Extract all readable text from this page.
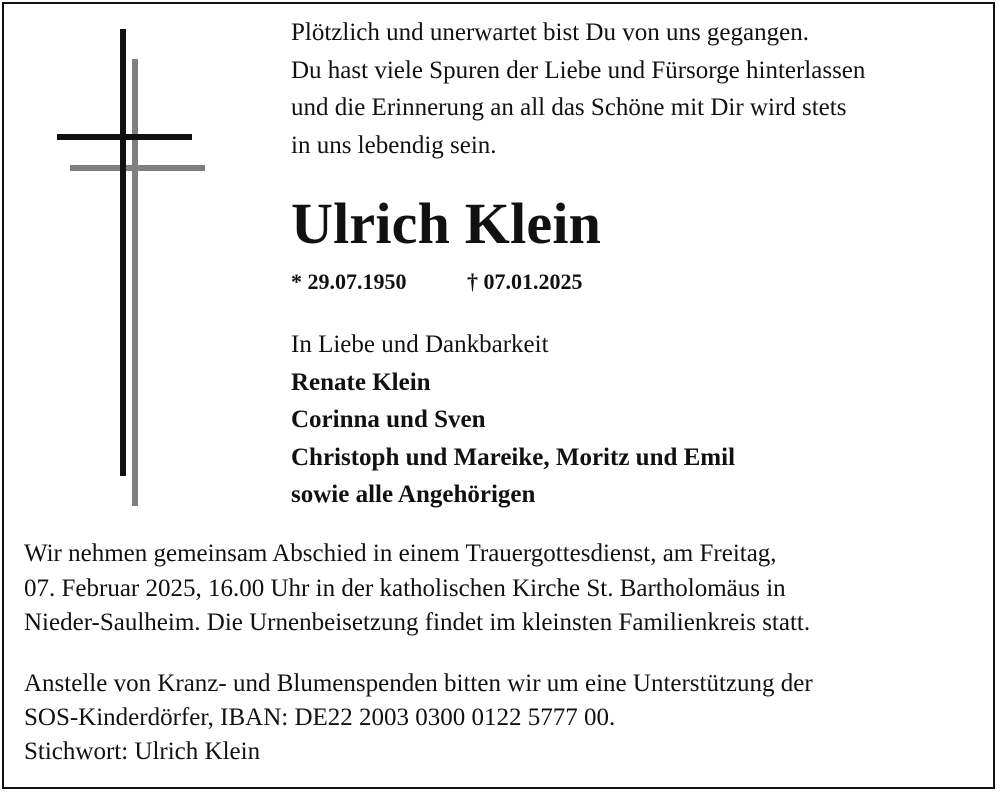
Plötzlich und unerwartet bist Du von uns gegangen.
Du hast viele Spuren der Liebe und Fürsorge hinterlassen
und die Erinnerung an all das Schöne mit Dir wird stets
in uns lebendig sein.
Ulrich Klein
* 29.07.1950	† 07.01.2025
In Liebe und Dankbarkeit
Renate Klein
Corinna und Sven
Christoph und Mareike, Moritz und Emil
sowie alle Angehörigen
Wir nehmen gemeinsam Abschied in einem Trauergottesdienst, am Freitag,
07. Februar 2025, 16.00 Uhr in der katholischen Kirche St. Bartholomäus in
Nieder-Saulheim. Die Urnenbeisetzung findet im kleinsten Familienkreis statt.
Anstelle von Kranz- und Blumenspenden bitten wir um eine Unterstützung der
SOS-Kinderdörfer, IBAN: DE22 2003 0300 0122 5777 00.
Stichwort: Ulrich Klein
